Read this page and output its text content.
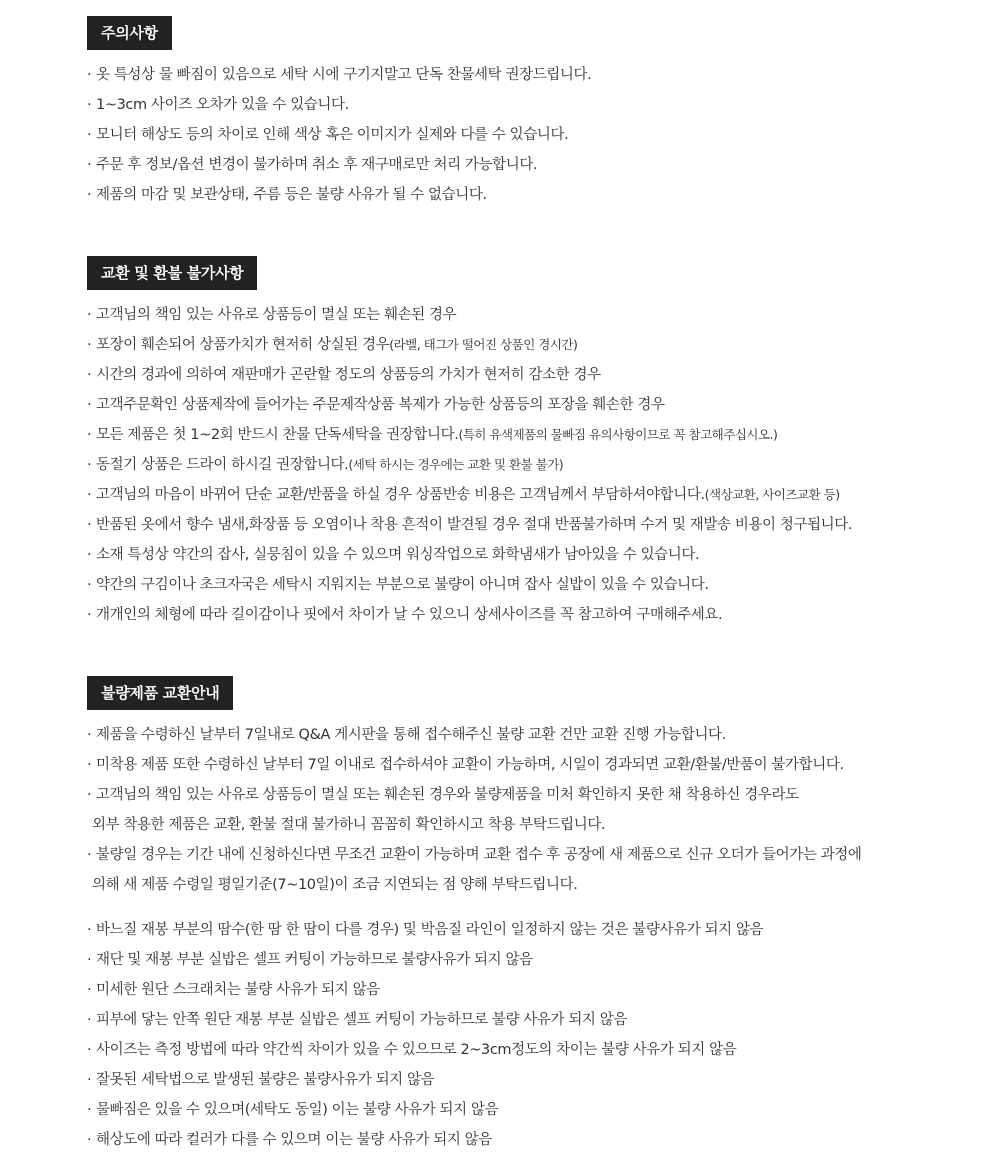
주의사항
· 옷 특성상 물 빠짐이 있음으로 세탁 시에 구기지말고 단독 찬물세탁 권장드립니다.
· 1~3cm 사이즈 오차가 있을 수 있습니다.
· 모니터 해상도 등의 차이로 인해 색상 혹은 이미지가 실제와 다를 수 있습니다.
· 주문 후 정보/옵션 변경이 불가하며 취소 후 재구매로만 처리 가능합니다.
· 제품의 마감 및 보관상태, 주름 등은 불량 사유가 될 수 없습니다.
교환 및 환불 불가사항
· 고객님의 책임 있는 사유로 상품등이 멸실 또는 훼손된 경우
· 포장이 훼손되어 상품가치가 현저히 상실된 경우(라벨, 태그가 떨어진 상품인 경시간)
· 시간의 경과에 의하여 재판매가 곤란할 정도의 상품등의 가치가 현저히 감소한 경우
· 고객주문확인 상품제작에 들어가는 주문제작상품 복제가 가능한 상품등의 포장을 훼손한 경우
· 모든 제품은 첫 1~2회 반드시 찬물 단독세탁을 권장합니다.(특히 유색제품의 물빠짐 유의사항이므로 꼭 참고해주십시오.)
· 동절기 상품은 드라이 하시길 권장합니다.(세탁 하시는 경우에는 교환 및 환불 불가)
· 고객님의 마음이 바뀌어 단순 교환/반품을 하실 경우 상품반송 비용은 고객님께서 부담하셔야합니다.(색상교환, 사이즈교환 등)
· 반품된 옷에서 향수 냄새,화장품 등 오염이나 착용 흔적이 발견될 경우 절대 반품불가하며 수거 및 재발송 비용이 청구됩니다.
· 소재 특성상 약간의 잡사, 실뭉침이 있을 수 있으며 워싱작업으로 화학냄새가 남아있을 수 있습니다.
· 약간의 구김이나 초크자국은 세탁시 지워지는 부분으로 불량이 아니며 잡사 실밥이 있을 수 있습니다.
· 개개인의 체형에 따라 길이감이나 핏에서 차이가 날 수 있으니 상세사이즈를 꼭 참고하여 구매해주세요.
불량제품 교환안내
· 제품을 수령하신 날부터 7일내로 Q&A 게시판을 통해 접수해주신 불량 교환 건만 교환 진행 가능합니다.
· 미착용 제품 또한 수령하신 날부터 7일 이내로 접수하셔야 교환이 가능하며, 시일이 경과되면 교환/환불/반품이 불가합니다.
· 고객님의 책임 있는 사유로 상품등이 멸실 또는 훼손된 경우와 불량제품을 미처 확인하지 못한 채 착용하신 경우라도
외부 착용한 제품은 교환, 환불 절대 불가하니 꼼꼼히 확인하시고 착용 부탁드립니다.
· 불량일 경우는 기간 내에 신청하신다면 무조건 교환이 가능하며 교환 접수 후 공장에 새 제품으로 신규 오더가 들어가는 과정에
의해 새 제품 수령일 평일기준(7~10일)이 조금 지연되는 점 양해 부탁드립니다.
· 바느질 재봉 부분의 땀수(한 땀 한 땀이 다를 경우) 및 박음질 라인이 일정하지 않는 것은 불량사유가 되지 않음
· 재단 및 재봉 부분 실밥은 셀프 커팅이 가능하므로 불량사유가 되지 않음
· 미세한 원단 스크래치는 불량 사유가 되지 않음
· 피부에 닿는 안쪽 원단 재봉 부분 실밥은 셀프 커팅이 가능하므로 불량 사유가 되지 않음
· 사이즈는 측정 방법에 따라 약간씩 차이가 있을 수 있으므로 2~3cm정도의 차이는 불량 사유가 되지 않음
· 잘못된 세탁법으로 발생된 불량은 불량사유가 되지 않음
· 물빠짐은 있을 수 있으며(세탁도 동일) 이는 불량 사유가 되지 않음
· 해상도에 따라 컬러가 다를 수 있으며 이는 불량 사유가 되지 않음
